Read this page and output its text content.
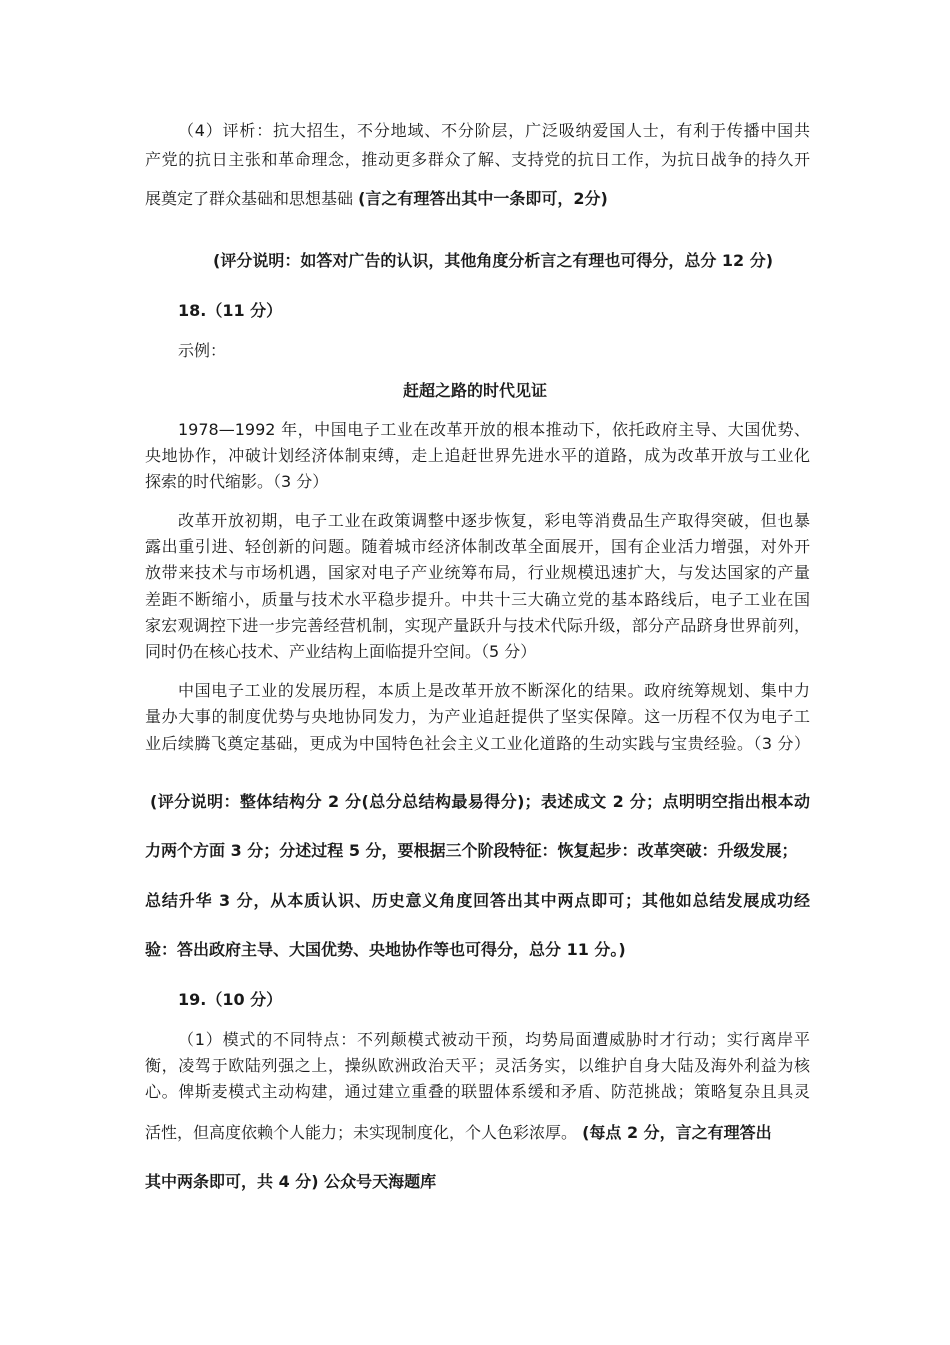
（4）评析：抗大招生，不分地域、不分阶层，广泛吸纳爱国人士，有利于传播中国共
产党的抗日主张和革命理念，推动更多群众了解、支持党的抗日工作，为抗日战争的持久开
展奠定了群众基础和思想基础 (言之有理答出其中一条即可，2分)
(评分说明：如答对广告的认识，其他角度分析言之有理也可得分，总分 12 分)
18.（11 分）
示例：
赶超之路的时代见证
1978—1992 年，中国电子工业在改革开放的根本推动下，依托政府主导、大国优势、
央地协作，冲破计划经济体制束缚，走上追赶世界先进水平的道路，成为改革开放与工业化
探索的时代缩影。（3 分）
改革开放初期，电子工业在政策调整中逐步恢复，彩电等消费品生产取得突破，但也暴
露出重引进、轻创新的问题。随着城市经济体制改革全面展开，国有企业活力增强，对外开
放带来技术与市场机遇，国家对电子产业统筹布局，行业规模迅速扩大，与发达国家的产量
差距不断缩小，质量与技术水平稳步提升。中共十三大确立党的基本路线后，电子工业在国
家宏观调控下进一步完善经营机制，实现产量跃升与技术代际升级，部分产品跻身世界前列，
同时仍在核心技术、产业结构上面临提升空间。（5 分）
中国电子工业的发展历程，本质上是改革开放不断深化的结果。政府统筹规划、集中力
量办大事的制度优势与央地协同发力，为产业追赶提供了坚实保障。这一历程不仅为电子工
业后续腾飞奠定基础，更成为中国特色社会主义工业化道路的生动实践与宝贵经验。（3 分）
(评分说明：整体结构分 2 分(总分总结构最易得分)；表述成文 2 分；点明明空指出根本动
力两个方面 3 分；分述过程 5 分，要根据三个阶段特征：恢复起步：改革突破：升级发展；
总结升华 3 分，从本质认识、历史意义角度回答出其中两点即可；其他如总结发展成功经
验：答出政府主导、大国优势、央地协作等也可得分，总分 11 分。)
19.（10 分）
（1）模式的不同特点：不列颠模式被动干预，均势局面遭威胁时才行动；实行离岸平
衡，凌驾于欧陆列强之上，操纵欧洲政治天平；灵活务实，以维护自身大陆及海外利益为核
心。俾斯麦模式主动构建，通过建立重叠的联盟体系缓和矛盾、防范挑战；策略复杂且具灵
活性，但高度依赖个人能力；未实现制度化，个人色彩浓厚。 (每点 2 分，言之有理答出
其中两条即可，共 4 分) 公众号天海题库
